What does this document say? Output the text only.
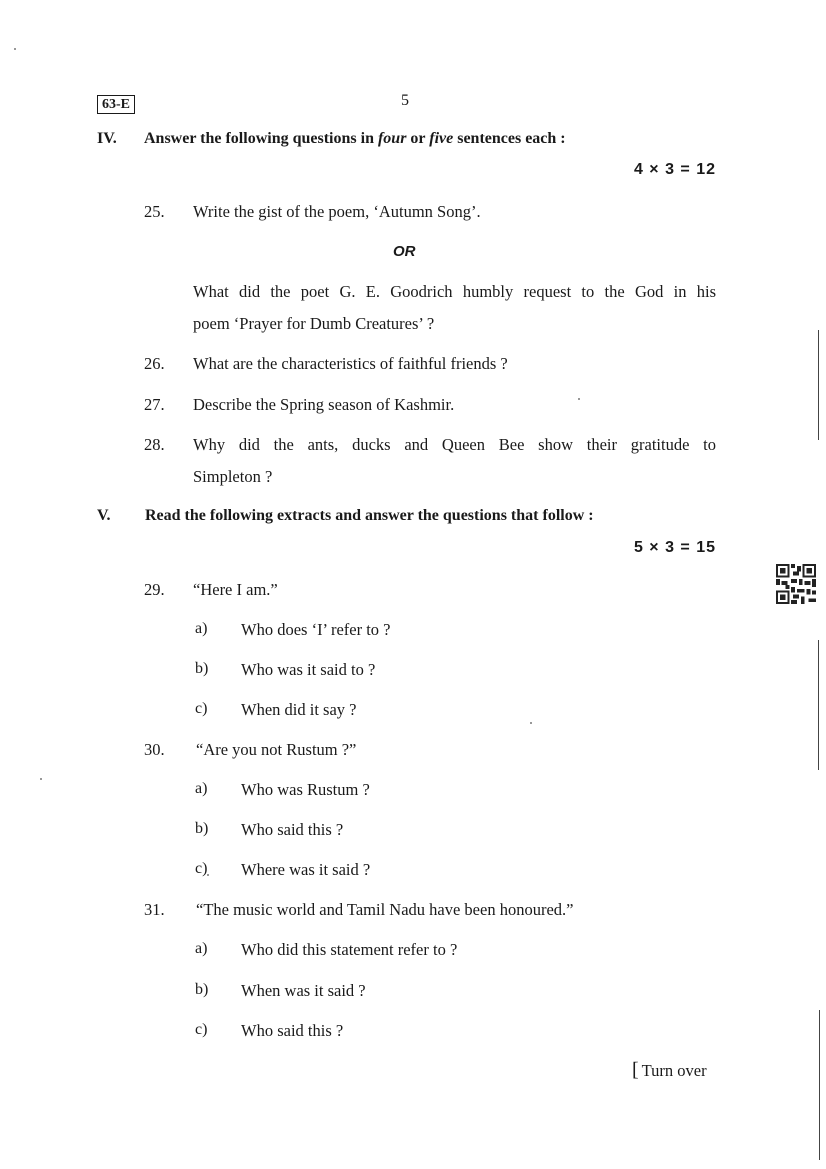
63-E	5
IV. Answer the following questions in four or five sentences each :
4 × 3 = 12
25. Write the gist of the poem, ‘Autumn Song’.
OR
What did the poet G. E. Goodrich humbly request to the God in his
poem ‘Prayer for Dumb Creatures’ ?
26. What are the characteristics of faithful friends ?
27. Describe the Spring season of Kashmir.
28. Why did the ants, ducks and Queen Bee show their gratitude to
Simpleton ?
V. Read the following extracts and answer the questions that follow :
5 × 3 = 15
29. “Here I am.”
a) Who does ‘I’ refer to ?
b) Who was it said to ?
c) When did it say ?
30. “Are you not Rustum ?”
a) Who was Rustum ?
b) Who said this ?
c) Where was it said ?
31. “The music world and Tamil Nadu have been honoured.”
a) Who did this statement refer to ?
b) When was it said ?
c) Who said this ?
[ Turn over
